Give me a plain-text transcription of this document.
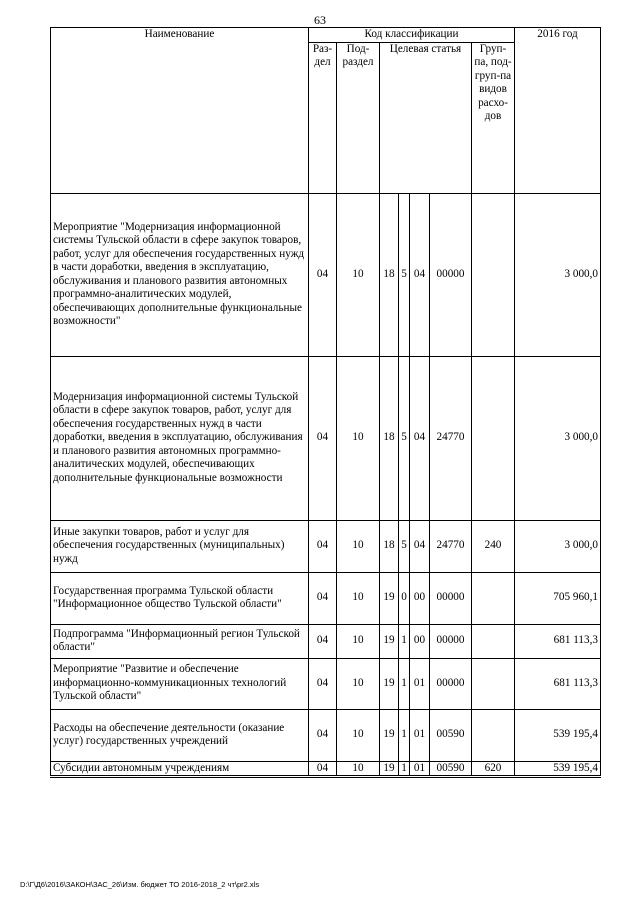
63
Наименование	Код классификации							2016 год
	Раз-дел	Под-раздел	Целевая статья				Груп-па, под-груп-па видов расхо-дов	
Мероприятие "Модернизация информационной системы Тульской области в сфере закупок товаров, работ, услуг для обеспечения государственных нужд в части доработки, введения в эксплуатацию, обслуживания и планового развития автономных программно-аналитических модулей, обеспечивающих дополнительные функциональные возможности"	04	10	18	5	04	00000		3 000,0
Модернизация информационной системы Тульской области в сфере закупок товаров, работ, услуг для обеспечения государственных нужд в части доработки, введения в эксплуатацию, обслуживания и планового развития автономных программно-аналитических модулей, обеспечивающих дополнительные функциональные возможности	04	10	18	5	04	24770		3 000,0
Иные закупки товаров, работ и услуг для обеспечения государственных (муниципальных) нужд	04	10	18	5	04	24770	240	3 000,0
Государственная программа Тульской области "Информационное общество Тульской области"	04	10	19	0	00	00000		705 960,1
Подпрограмма "Информационный регион Тульской области"	04	10	19	1	00	00000		681 113,3
Мероприятие "Развитие и обеспечение информационно-коммуникационных технологий Тульской области"	04	10	19	1	01	00000		681 113,3
Расходы на обеспечение деятельности (оказание услуг) государственных учреждений	04	10	19	1	01	00590		539 195,4
Субсидии автономным учреждениям	04	10	19	1	01	00590	620	539 195,4
D:\Г\Д6\2016\ЗАКОН\ЗАС_26\Изм. бюджет ТО 2016-2018_2 чт\pr2.xls
